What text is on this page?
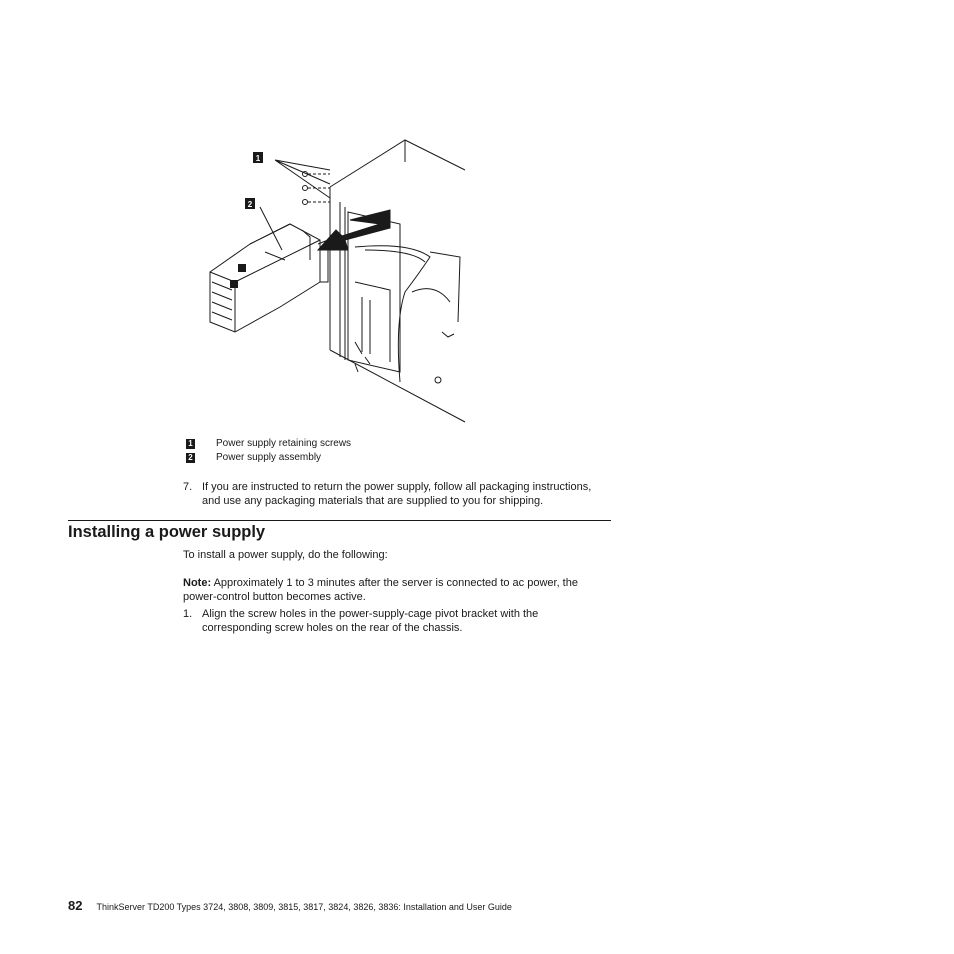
1
2
1 Power supply retaining screws
2 Power supply assembly
7. If you are instructed to return the power supply, follow all packaging instructions,
and use any packaging materials that are supplied to you for shipping.
Installing a power supply
To install a power supply, do the following:
Note: Approximately 1 to 3 minutes after the server is connected to ac power, the
power-control button becomes active.
1. Align the screw holes in the power-supply-cage pivot bracket with the
corresponding screw holes on the rear of the chassis.
82 ThinkServer TD200 Types 3724, 3808, 3809, 3815, 3817, 3824, 3826, 3836: Installation and User Guide
